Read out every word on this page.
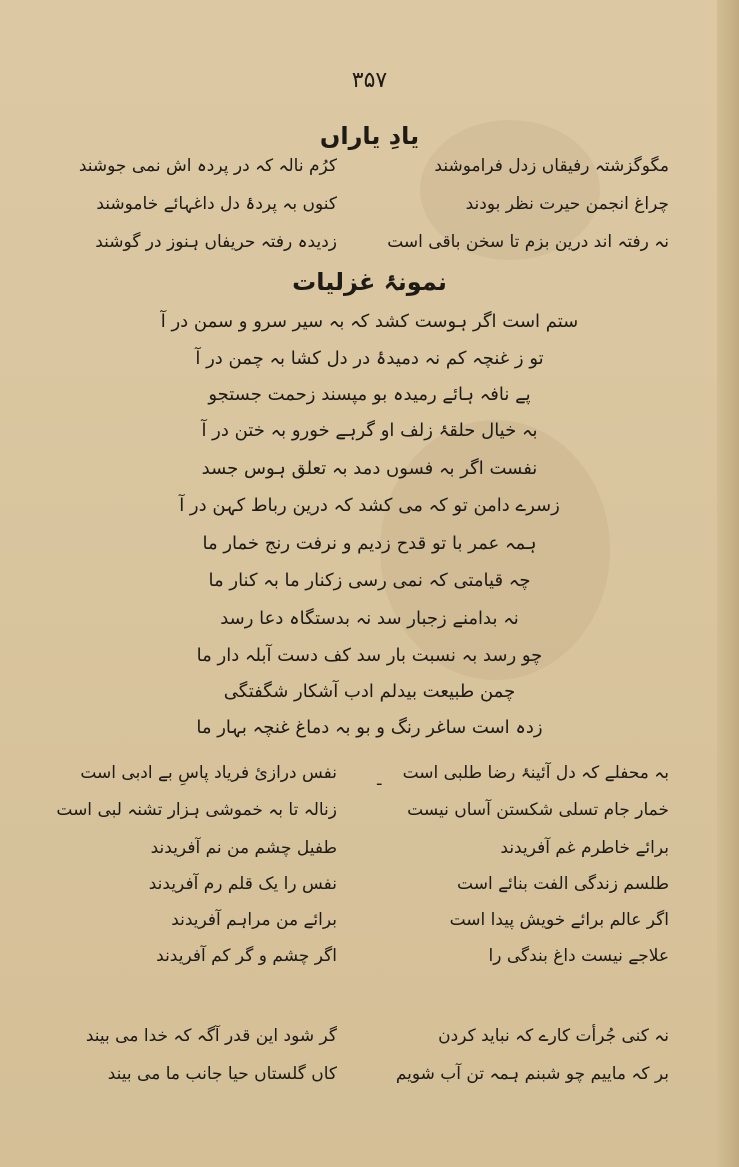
۳۵۷
یادِ یاراں
مگوگزشتہ رفیقاں زدل فراموشند
کرُم نالہ کہ در پردہ اش نمی جوشند
چراغ انجمن حیرت نظر بودند
کنوں بہ پردۂ دل داغہائے خاموشند
نہ رفتہ اند درین بزم تا سخن باقی است
زدیدہ رفتہ حریفاں ہنوز در گوشند
نمونۂ غزلیات
ستم است اگر ہوست کشد کہ بہ سیر سرو و سمن در آ
تو ز غنچہ کم نہ دمیدۂ در دل کشا بہ چمن در آ
پے نافہ ہائے رمیدہ بو مپسند زحمت جستجو
بہ خیال حلقۂ زلف او گرہے خورو بہ ختن در آ
نفست اگر بہ فسوں دمد بہ تعلق ہوس جسد
زسرے دامن تو کہ می کشد کہ درین رباط کہن در آ
ہمہ عمر با تو قدح زدیم و نرفت رنج خمار ما
چہ قیامتی کہ نمی رسی زکنار ما بہ کنار ما
نہ بدامنے زجبار سد نہ بدستگاہ دعا رسد
چو رسد بہ نسبت بار سد کف دست آبلہ دار ما
چمن طبیعت بیدلم ادب آشکار شگفتگی
زدہ است ساغر رنگ و بو بہ دماغ غنچہ بہار ما
- بہ محفلے کہ دل آئینۂ رضا طلبی است
خمار جام تسلی شکستن آساں نیست
برائے خاطرم غم آفریدند
طلسم زندگی الفت بنائے است
اگر عالم برائے خویش پیدا است
علاجے نیست داغ بندگی را
نفس درازئ فریاد پاسِ بے ادبی است
زنالہ تا بہ خموشی ہزار تشنہ لبی است
طفیل چشم من نم آفریدند
نفس را یک قلم رم آفریدند
برائے من مراہم آفریدند
اگر چشم و گر کم آفریدند
نہ کنی جُرأت کارے کہ نباید کردن
گر شود این قدر آگہ کہ خدا می بیند
بر کہ ماییم چو شبنم ہمہ تن آب شویم
کاں گلستاں حیا جانب ما می بیند
